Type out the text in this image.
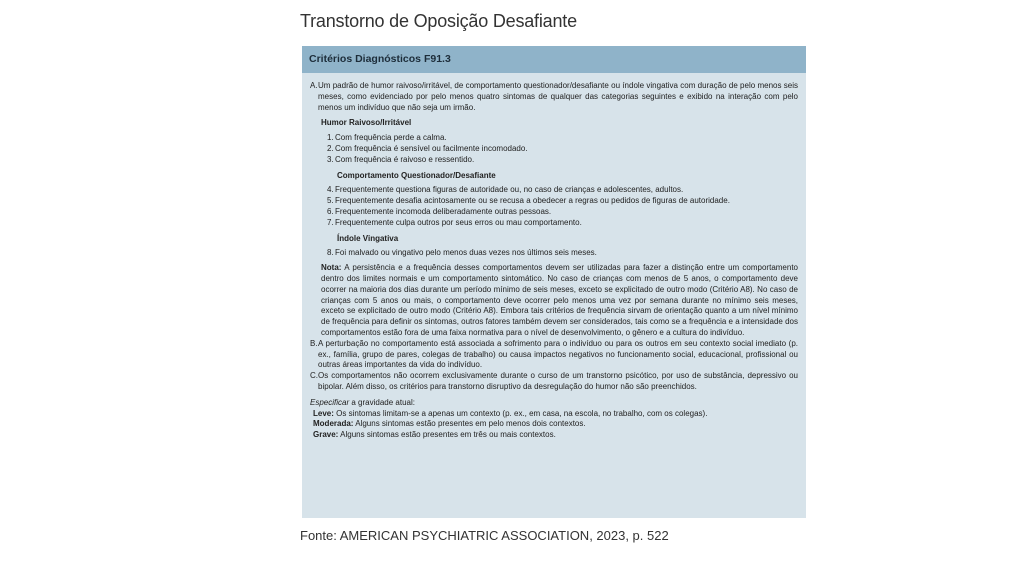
Transtorno de Oposição Desafiante
Critérios Diagnósticos F91.3
A. Um padrão de humor raivoso/irritável, de comportamento questionador/desafiante ou índole vingativa com duração de pelo menos seis meses, como evidenciado por pelo menos quatro sintomas de qualquer das categorias seguintes e exibido na interação com pelo menos um indivíduo que não seja um irmão.
Humor Raivoso/Irritável
1. Com frequência perde a calma.
2. Com frequência é sensível ou facilmente incomodado.
3. Com frequência é raivoso e ressentido.
Comportamento Questionador/Desafiante
4. Frequentemente questiona figuras de autoridade ou, no caso de crianças e adolescentes, adultos.
5. Frequentemente desafia acintosamente ou se recusa a obedecer a regras ou pedidos de figuras de autoridade.
6. Frequentemente incomoda deliberadamente outras pessoas.
7. Frequentemente culpa outros por seus erros ou mau comportamento.
Índole Vingativa
8. Foi malvado ou vingativo pelo menos duas vezes nos últimos seis meses.
Nota: A persistência e a frequência desses comportamentos devem ser utilizadas para fazer a distinção entre um comportamento dentro dos limites normais e um comportamento sintomático. No caso de crianças com menos de 5 anos, o comportamento deve ocorrer na maioria dos dias durante um período mínimo de seis meses, exceto se explicitado de outro modo (Critério A8). No caso de crianças com 5 anos ou mais, o comportamento deve ocorrer pelo menos uma vez por semana durante no mínimo seis meses, exceto se explicitado de outro modo (Critério A8). Embora tais critérios de frequência sirvam de orientação quanto a um nível mínimo de frequência para definir os sintomas, outros fatores também devem ser considerados, tais como se a frequência e a intensidade dos comportamentos estão fora de uma faixa normativa para o nível de desenvolvimento, o gênero e a cultura do indivíduo.
B. A perturbação no comportamento está associada a sofrimento para o indivíduo ou para os outros em seu contexto social imediato (p. ex., família, grupo de pares, colegas de trabalho) ou causa impactos negativos no funcionamento social, educacional, profissional ou outras áreas importantes da vida do indivíduo.
C. Os comportamentos não ocorrem exclusivamente durante o curso de um transtorno psicótico, por uso de substância, depressivo ou bipolar. Além disso, os critérios para transtorno disruptivo da desregulação do humor não são preenchidos.
Especificar a gravidade atual:
Leve: Os sintomas limitam-se a apenas um contexto (p. ex., em casa, na escola, no trabalho, com os colegas).
Moderada: Alguns sintomas estão presentes em pelo menos dois contextos.
Grave: Alguns sintomas estão presentes em três ou mais contextos.
Fonte: AMERICAN PSYCHIATRIC ASSOCIATION, 2023, p. 522
